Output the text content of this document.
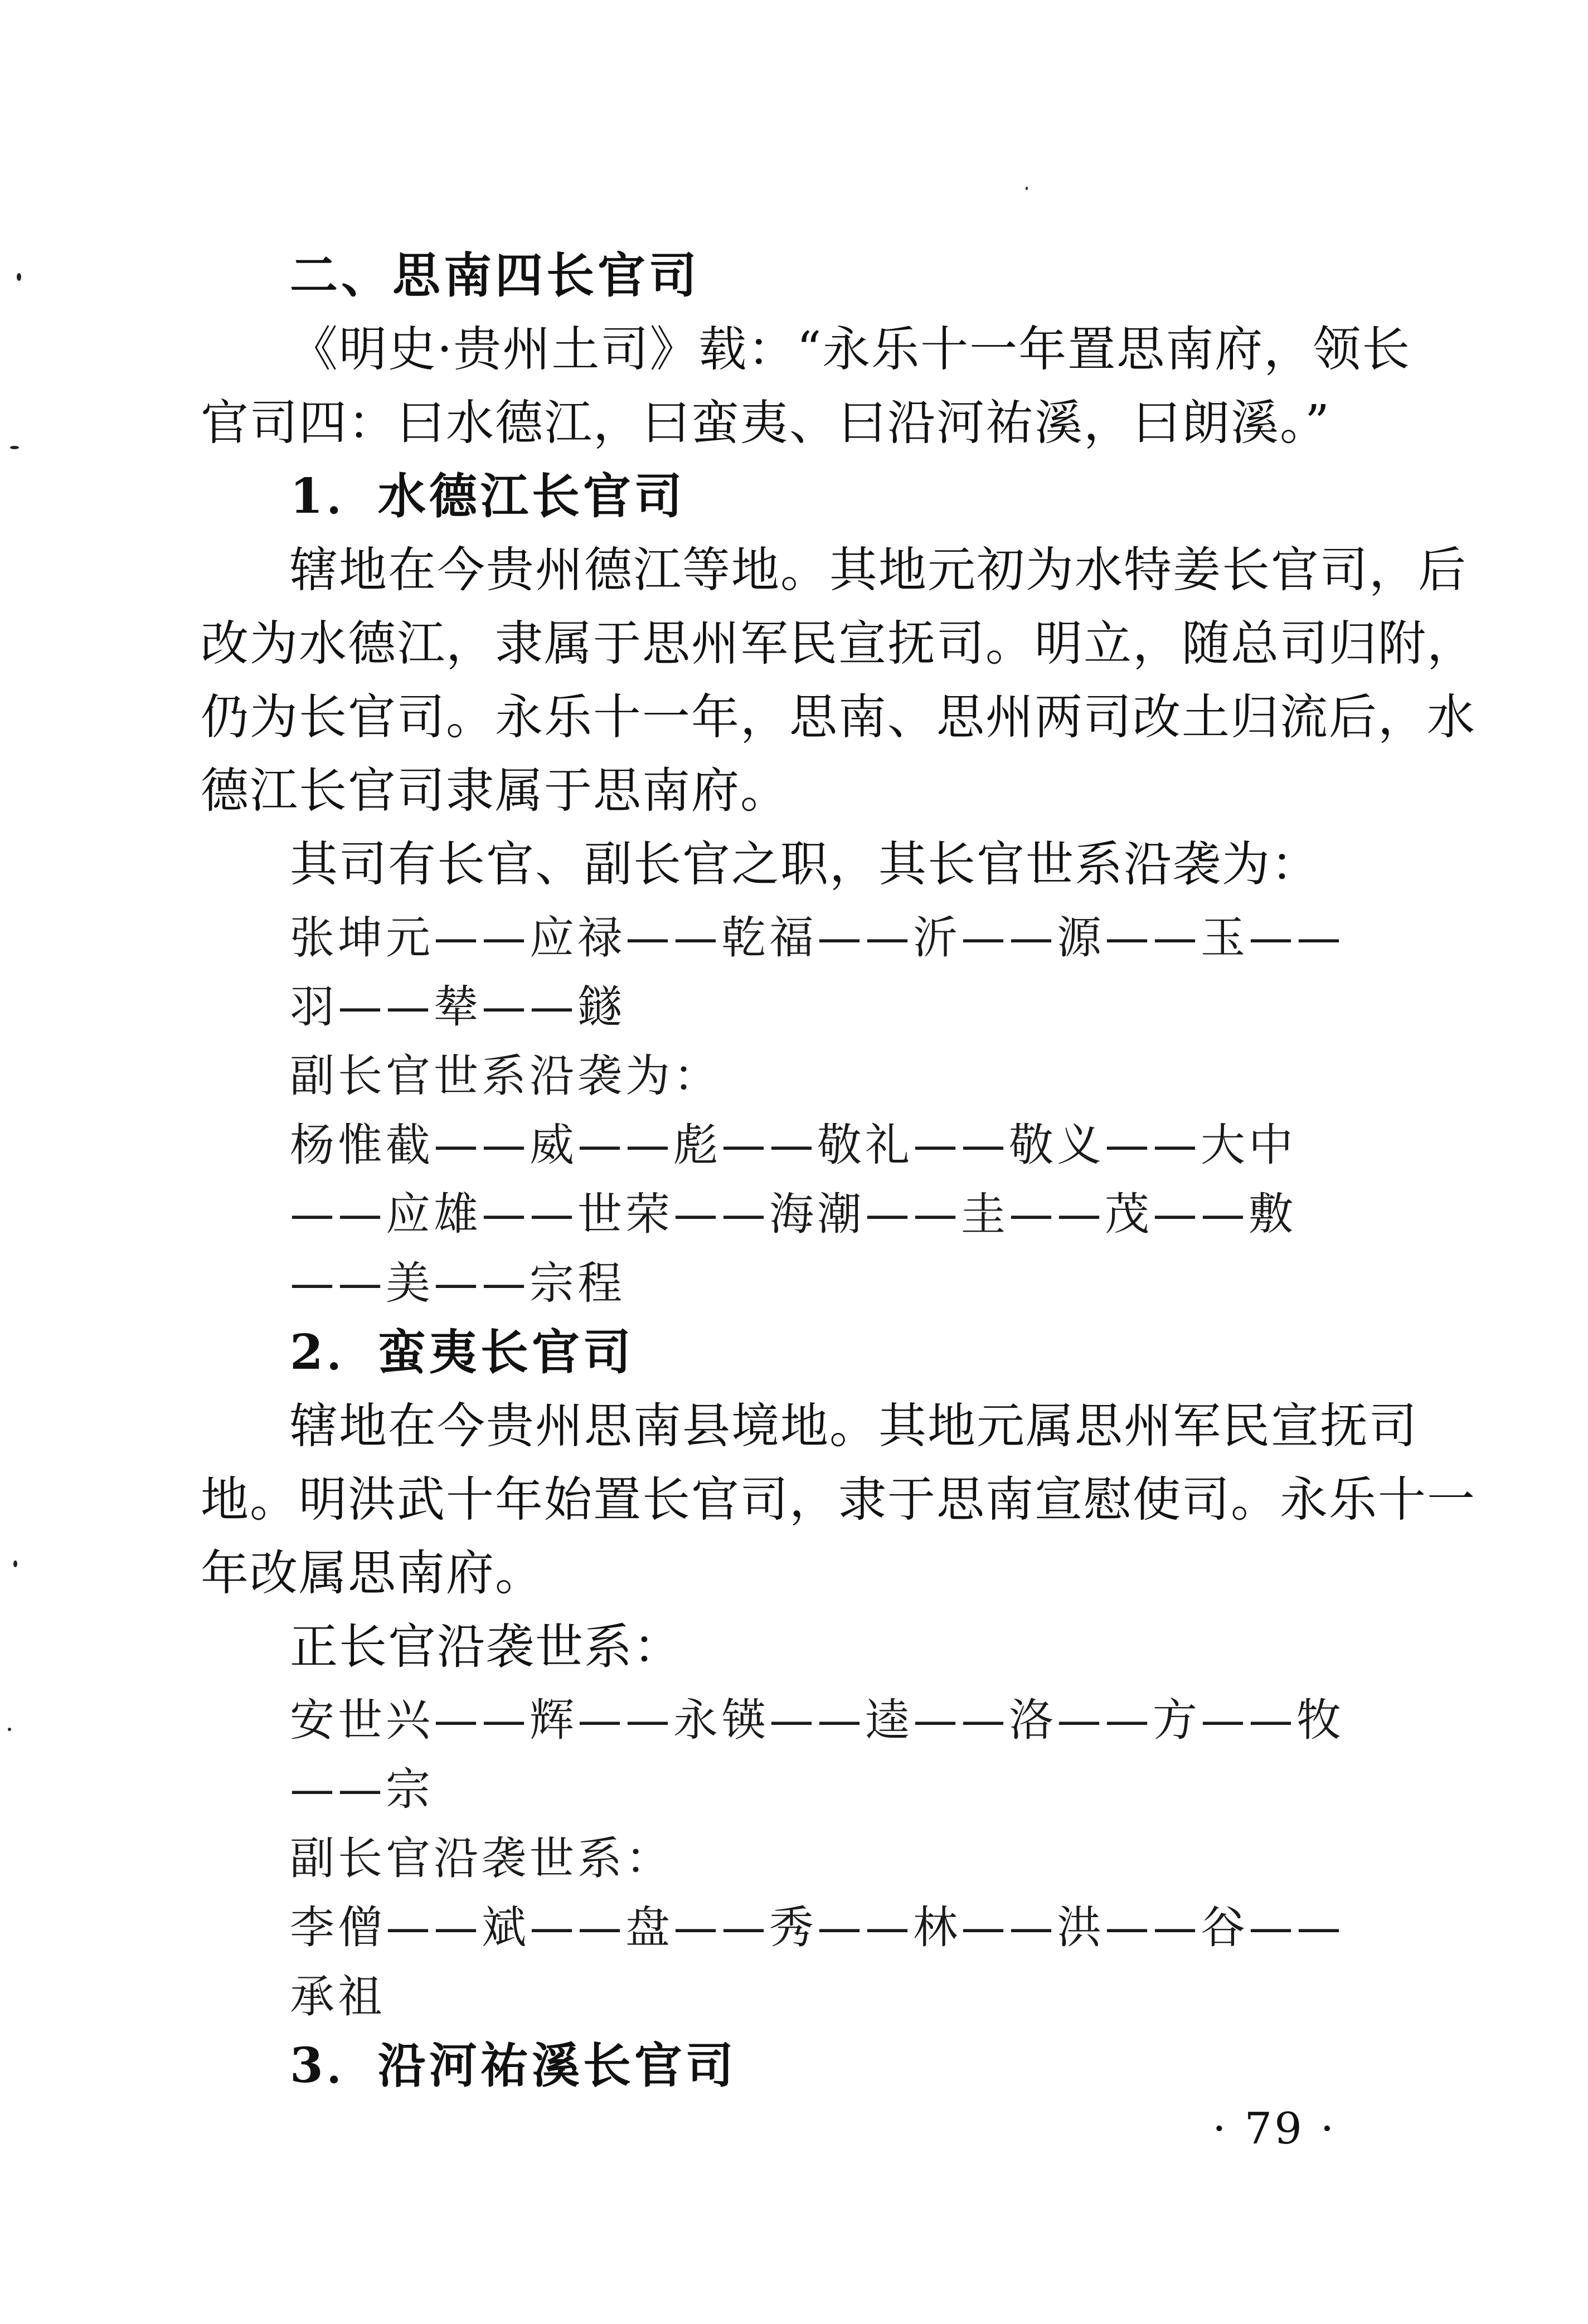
二、思南四长官司
《明史·贵州土司》载：“永乐十一年置思南府，领长
官司四：曰水德江，曰蛮夷、曰沿河祐溪，曰朗溪。”
1．水德江长官司
辖地在今贵州德江等地。其地元初为水特姜长官司，后
改为水德江，隶属于思州军民宣抚司。明立，随总司归附，
仍为长官司。永乐十一年，思南、思州两司改土归流后，水
德江长官司隶属于思南府。
其司有长官、副长官之职，其长官世系沿袭为：
张坤元——应禄——乾福——沂——源——玉——
羽——辇——鐩
副长官世系沿袭为：
杨惟截——威——彪——敬礼——敬义——大中
——应雄——世荣——海潮——圭——茂——敷
——美——宗程
2．蛮夷长官司
辖地在今贵州思南县境地。其地元属思州军民宣抚司
地。明洪武十年始置长官司，隶于思南宣慰使司。永乐十一
年改属思南府。
正长官沿袭世系：
安世兴——辉——永锳——逵——洛——方——牧
——宗
副长官沿袭世系：
李僧——斌——盘——秀——林——洪——谷——
承祖
3．沿河祐溪长官司
· 79 ·
